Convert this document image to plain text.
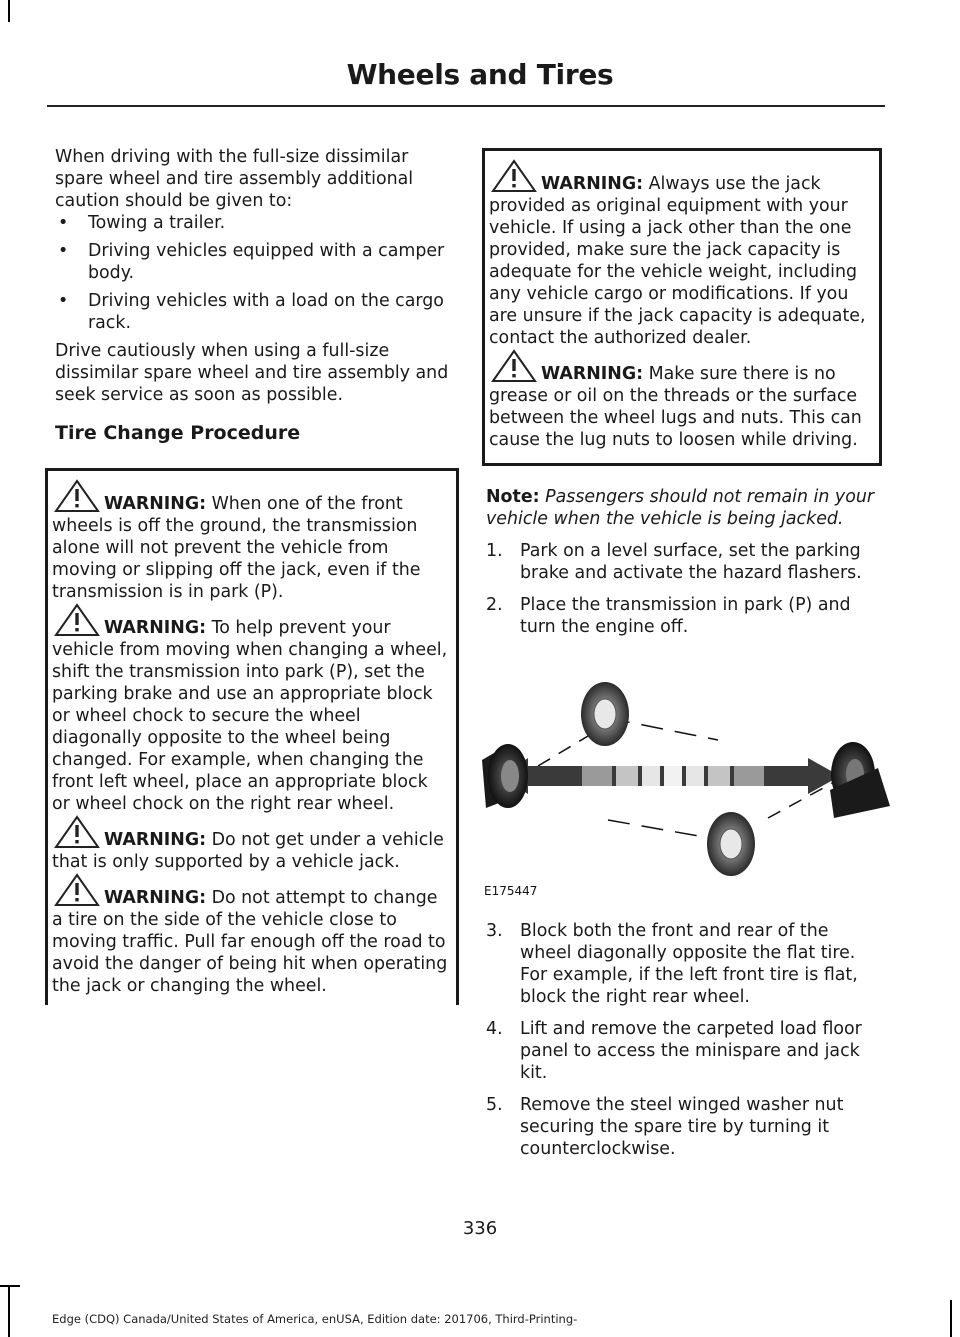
Wheels and Tires

When driving with the full-size dissimilar spare wheel and tire assembly additional caution should be given to:

• Towing a trailer.
• Driving vehicles equipped with a camper body.
• Driving vehicles with a load on the cargo rack.

Drive cautiously when using a full-size dissimilar spare wheel and tire assembly and seek service as soon as possible.

Tire Change Procedure

WARNING: When one of the front wheels is off the ground, the transmission alone will not prevent the vehicle from moving or slipping off the jack, even if the transmission is in park (P).

WARNING: To help prevent your vehicle from moving when changing a wheel, shift the transmission into park (P), set the parking brake and use an appropriate block or wheel chock to secure the wheel diagonally opposite to the wheel being changed. For example, when changing the front left wheel, place an appropriate block or wheel chock on the right rear wheel.

WARNING: Do not get under a vehicle that is only supported by a vehicle jack.

WARNING: Do not attempt to change a tire on the side of the vehicle close to moving traffic. Pull far enough off the road to avoid the danger of being hit when operating the jack or changing the wheel.

WARNING: Always use the jack provided as original equipment with your vehicle. If using a jack other than the one provided, make sure the jack capacity is adequate for the vehicle weight, including any vehicle cargo or modifications. If you are unsure if the jack capacity is adequate, contact the authorized dealer.

WARNING: Make sure there is no grease or oil on the threads or the surface between the wheel lugs and nuts. This can cause the lug nuts to loosen while driving.

Note: Passengers should not remain in your vehicle when the vehicle is being jacked.

1. Park on a level surface, set the parking brake and activate the hazard flashers.
2. Place the transmission in park (P) and turn the engine off.
E175447
3. Block both the front and rear of the wheel diagonally opposite the flat tire. For example, if the left front tire is flat, block the right rear wheel.
4. Lift and remove the carpeted load floor panel to access the minispare and jack kit.
5. Remove the steel winged washer nut securing the spare tire by turning it counterclockwise.
336
Edge (CDQ) Canada/United States of America, enUSA, Edition date: 201706, Third-Printing-
